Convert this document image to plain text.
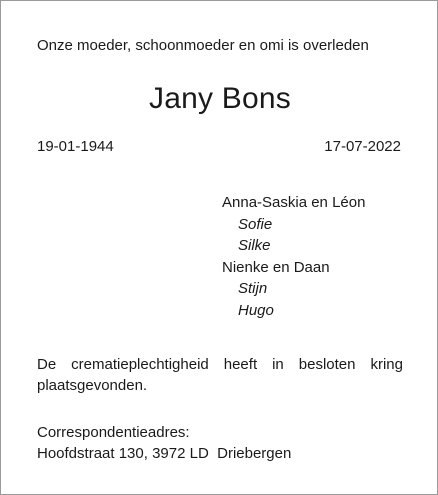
Onze moeder, schoonmoeder en omi is overleden
Jany Bons
19-01-1944	17-07-2022
Anna-Saskia en Léon
Sofie
Silke
Nienke en Daan
Stijn
Hugo
De crematieplechtigheid heeft in besloten kring plaatsgevonden.
Correspondentieadres:
Hoofdstraat 130, 3972 LD  Driebergen
